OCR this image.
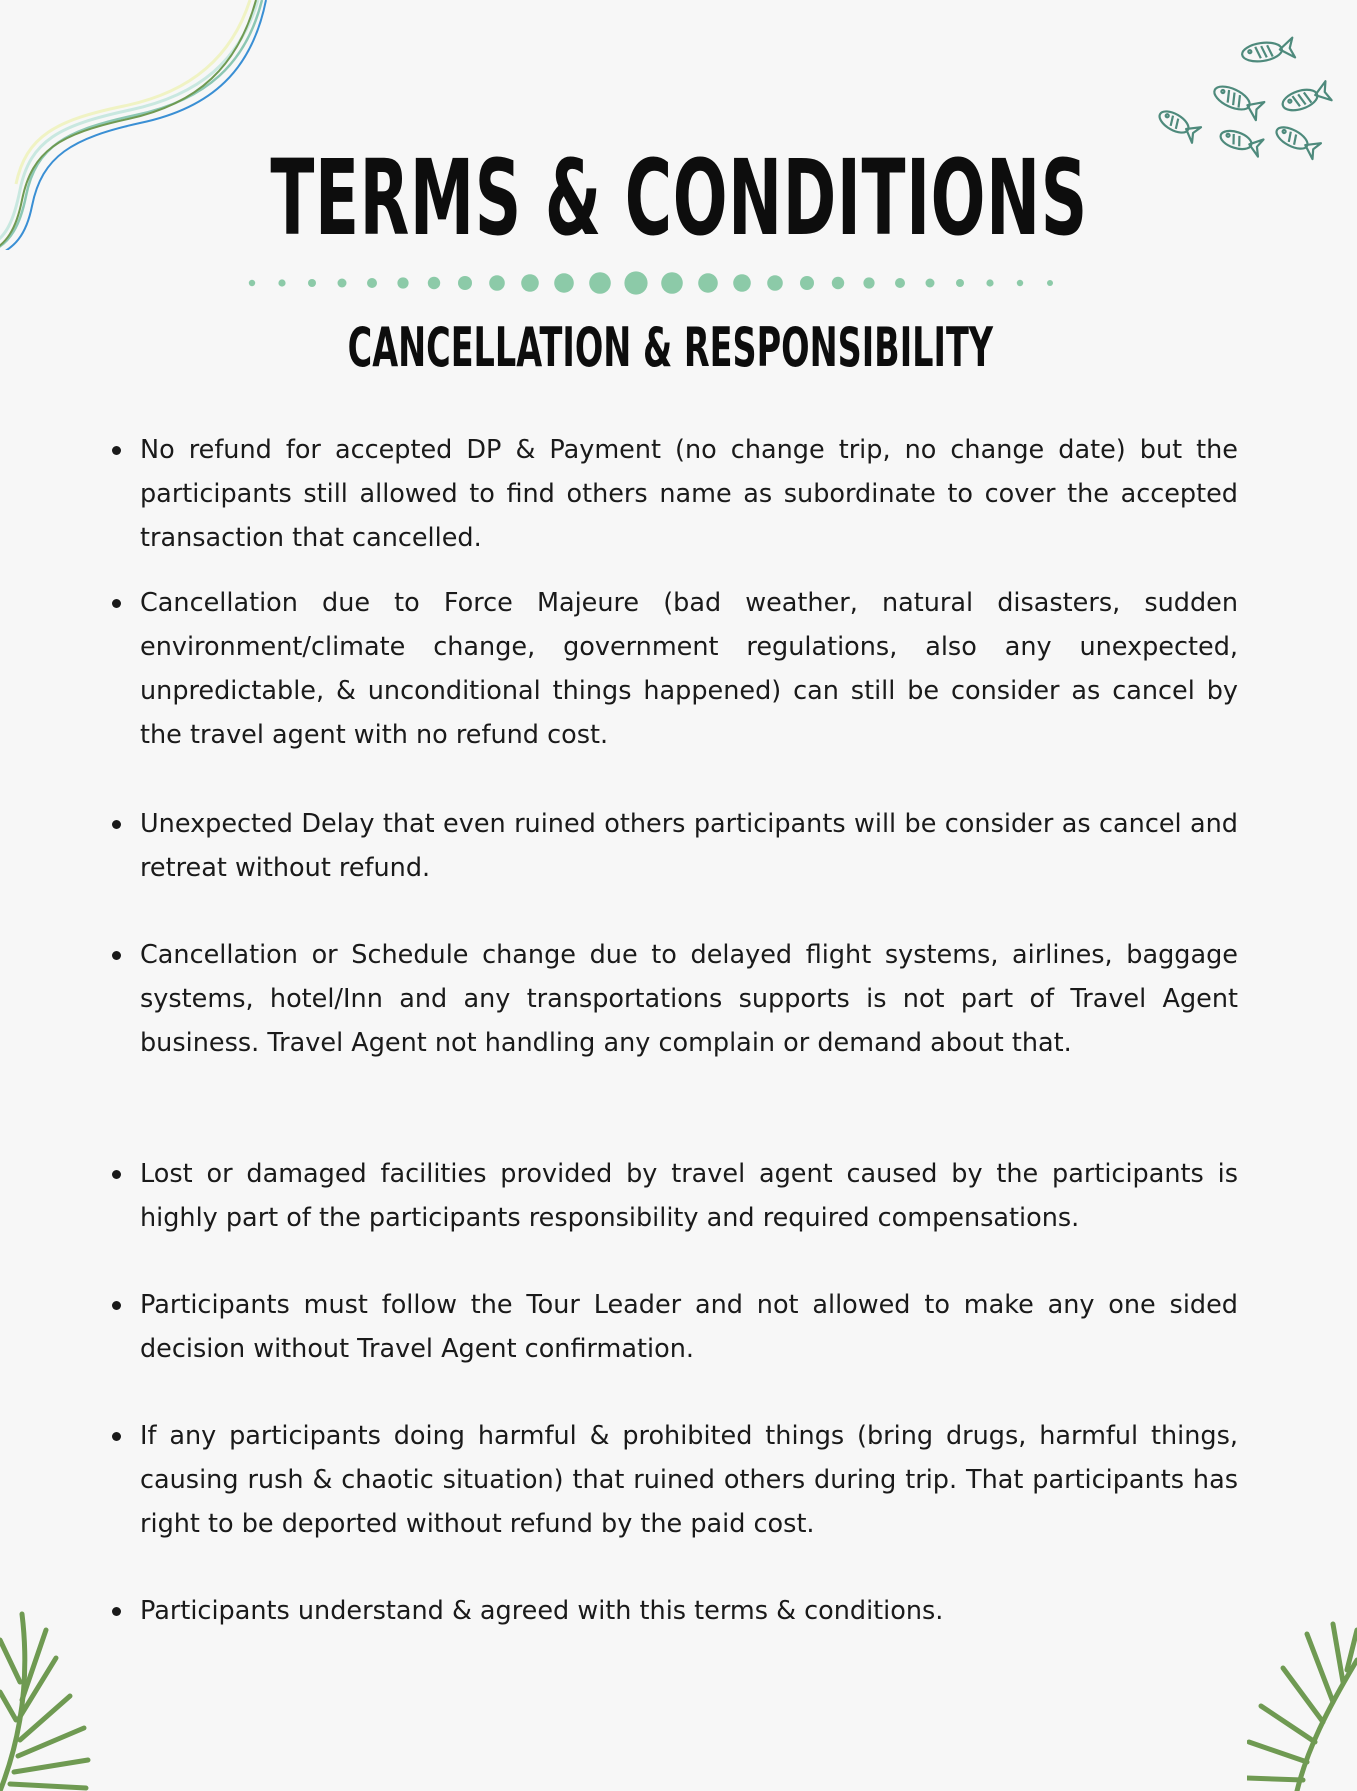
TERMS & CONDITIONS
CANCELLATION & RESPONSIBILITY
No refund for accepted DP & Payment (no change trip, no change date) but the participants still allowed to find others name as subordinate to cover the accepted transaction that cancelled.
Cancellation due to Force Majeure (bad weather, natural disasters, sudden environment/climate change, government regulations, also any unexpected, unpredictable, & unconditional things happened) can still be consider as cancel by the travel agent with no refund cost.
Unexpected Delay that even ruined others participants will be consider as cancel and retreat without refund.
Cancellation or Schedule change due to delayed flight systems, airlines, baggage systems, hotel/Inn and any transportations supports is not part of Travel Agent business. Travel Agent not handling any complain or demand about that.
Lost or damaged facilities provided by travel agent caused by the participants is highly part of the participants responsibility and required compensations.
Participants must follow the Tour Leader and not allowed to make any one sided decision without Travel Agent confirmation.
If any participants doing harmful & prohibited things (bring drugs, harmful things, causing rush & chaotic situation) that ruined others during trip. That participants has right to be deported without refund by the paid cost.
Participants understand & agreed with this terms & conditions.
